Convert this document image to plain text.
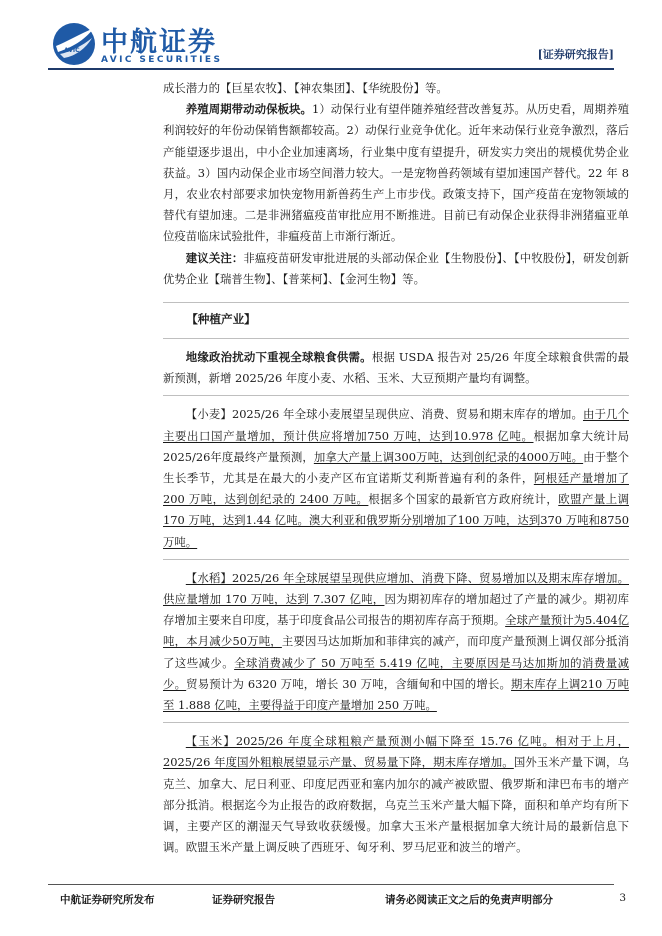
AVIC 中航证券
AVIC SECURITIES	[证券研究报告]

成长潜力的【巨星农牧】、【神农集团】、【华统股份】等。

养殖周期带动动保板块。1）动保行业有望伴随养殖经营改善复苏。从历史看，周期养殖利润较好的年份动保销售额都较高。2）动保行业竞争优化。近年来动保行业竞争激烈，落后产能望逐步退出，中小企业加速离场，行业集中度有望提升，研发实力突出的规模优势企业获益。3）国内动保企业市场空间潜力较大。一是宠物兽药领域有望加速国产替代。22 年 8 月，农业农村部要求加快宠物用新兽药生产上市步伐。政策支持下，国产疫苗在宠物领域的替代有望加速。二是非洲猪瘟疫苗审批应用不断推进。目前已有动保企业获得非洲猪瘟亚单位疫苗临床试验批件，非瘟疫苗上市渐行渐近。

建议关注：非瘟疫苗研发审批进展的头部动保企业【生物股份】、【中牧股份】，研发创新优势企业【瑞普生物】、【普莱柯】、【金河生物】等。

【种植产业】

地缘政治扰动下重视全球粮食供需。根据 USDA 报告对 25/26 年度全球粮食供需的最新预测，新增 2025/26 年度小麦、水稻、玉米、大豆预期产量均有调整。

【小麦】2025/26 年全球小麦展望呈现供应、消费、贸易和期末库存的增加。由于几个主要出口国产量增加，预计供应将增加750 万吨，达到10.978 亿吨。根据加拿大统计局 2025/26年度最终产量预测，加拿大产量上调300万吨，达到创纪录的4000万吨。由于整个生长季节，尤其是在最大的小麦产区布宜诺斯艾利斯普遍有利的条件，阿根廷产量增加了 200 万吨，达到创纪录的 2400 万吨。根据多个国家的最新官方政府统计，欧盟产量上调170 万吨，达到1.44 亿吨。澳大利亚和俄罗斯分别增加了100 万吨，达到370 万吨和8750 万吨。

【水稻】2025/26 年全球展望呈现供应增加、消费下降、贸易增加以及期末库存增加。供应量增加 170 万吨，达到 7.307 亿吨，因为期初库存的增加超过了产量的减少。期初库存增加主要来自印度，基于印度食品公司报告的期初库存高于预期。全球产量预计为5.404亿吨，本月减少50万吨，主要因马达加斯加和菲律宾的减产，而印度产量预测上调仅部分抵消了这些减少。全球消费减少了 50 万吨至 5.419 亿吨，主要原因是马达加斯加的消费量减少。贸易预计为 6320 万吨，增长 30 万吨，含缅甸和中国的增长。期末库存上调210 万吨至 1.888 亿吨，主要得益于印度产量增加 250 万吨。

【玉米】2025/26 年度全球粗粮产量预测小幅下降至 15.76 亿吨。相对于上月，2025/26 年度国外粗粮展望显示产量、贸易量下降，期末库存增加。国外玉米产量下调，乌克兰、加拿大、尼日利亚、印度尼西亚和塞内加尔的减产被欧盟、俄罗斯和津巴布韦的增产部分抵消。根据迄今为止报告的政府数据，乌克兰玉米产量大幅下降，面积和单产均有所下调，主要产区的潮湿天气导致收获缓慢。加拿大玉米产量根据加拿大统计局的最新信息下调。欧盟玉米产量上调反映了西班牙、匈牙利、罗马尼亚和波兰的增产。

中航证券研究所发布	证券研究报告	请务必阅读正文之后的免责声明部分	3
